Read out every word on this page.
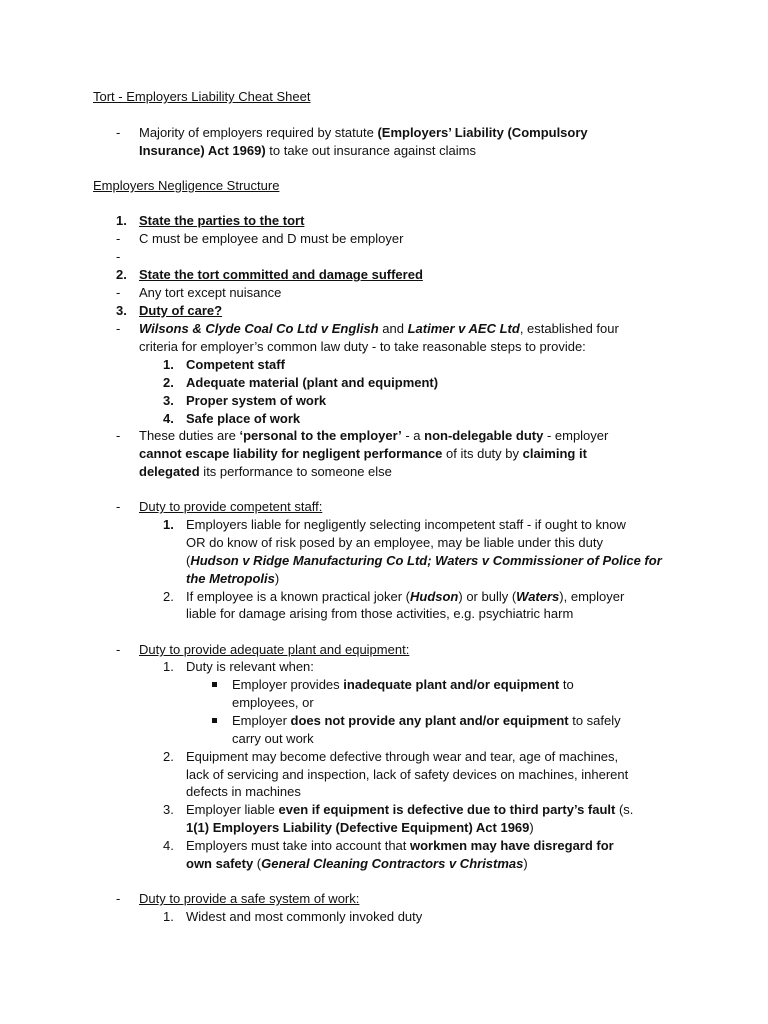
Tort - Employers Liability Cheat Sheet
- Majority of employers required by statute (Employers’ Liability (Compulsory
Insurance) Act 1969) to take out insurance against claims
Employers Negligence Structure
1. State the parties to the tort
- C must be employee and D must be employer
-
2. State the tort committed and damage suffered
- Any tort except nuisance
3. Duty of care?
- Wilsons & Clyde Coal Co Ltd v English and Latimer v AEC Ltd, established four
criteria for employer’s common law duty - to take reasonable steps to provide:
1. Competent staff
2. Adequate material (plant and equipment)
3. Proper system of work
4. Safe place of work
- These duties are ‘personal to the employer’ - a non-delegable duty - employer
cannot escape liability for negligent performance of its duty by claiming it
delegated its performance to someone else
- Duty to provide competent staff:
1. Employers liable for negligently selecting incompetent staff - if ought to know
OR do know of risk posed by an employee, may be liable under this duty
(Hudson v Ridge Manufacturing Co Ltd; Waters v Commissioner of Police for
the Metropolis)
2. If employee is a known practical joker (Hudson) or bully (Waters), employer
liable for damage arising from those activities, e.g. psychiatric harm
- Duty to provide adequate plant and equipment:
1. Duty is relevant when:
Employer provides inadequate plant and/or equipment to
employees, or
Employer does not provide any plant and/or equipment to safely
carry out work
2. Equipment may become defective through wear and tear, age of machines,
lack of servicing and inspection, lack of safety devices on machines, inherent
defects in machines
3. Employer liable even if equipment is defective due to third party’s fault (s.
1(1) Employers Liability (Defective Equipment) Act 1969)
4. Employers must take into account that workmen may have disregard for
own safety (General Cleaning Contractors v Christmas)
- Duty to provide a safe system of work:
1. Widest and most commonly invoked duty
